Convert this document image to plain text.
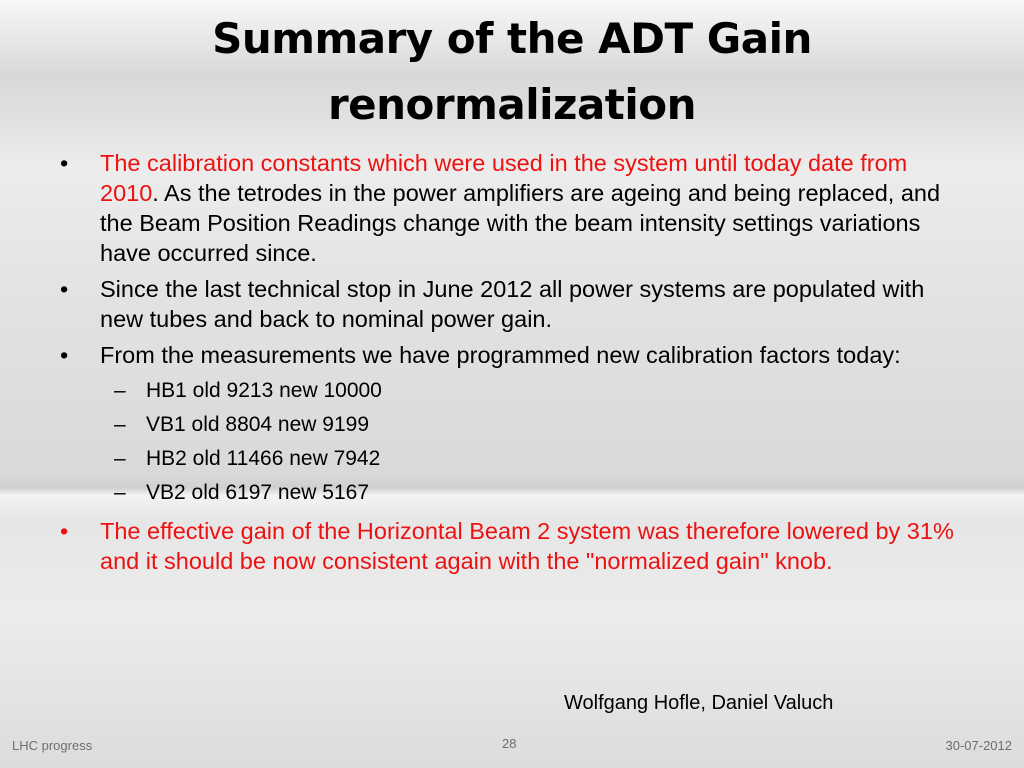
Summary of the ADT Gain
renormalization
•	The calibration constants which were used in the system until today date from 2010. As the tetrodes in the power amplifiers are ageing and being replaced, and the Beam Position Readings change with the beam intensity settings variations have occurred since.
•	Since the last technical stop in June 2012 all power systems are populated with new tubes and back to nominal power gain.
•	From the measurements we have programmed new calibration factors today:
– HB1 old 9213 new 10000
– VB1 old 8804 new 9199
– HB2 old 11466 new 7942
– VB2 old 6197 new 5167
•	The effective gain of the Horizontal Beam 2 system was therefore lowered by 31% and it should be now consistent again with the "normalized gain" knob.
Wolfgang Hofle, Daniel Valuch
LHC progress	28	30-07-2012
